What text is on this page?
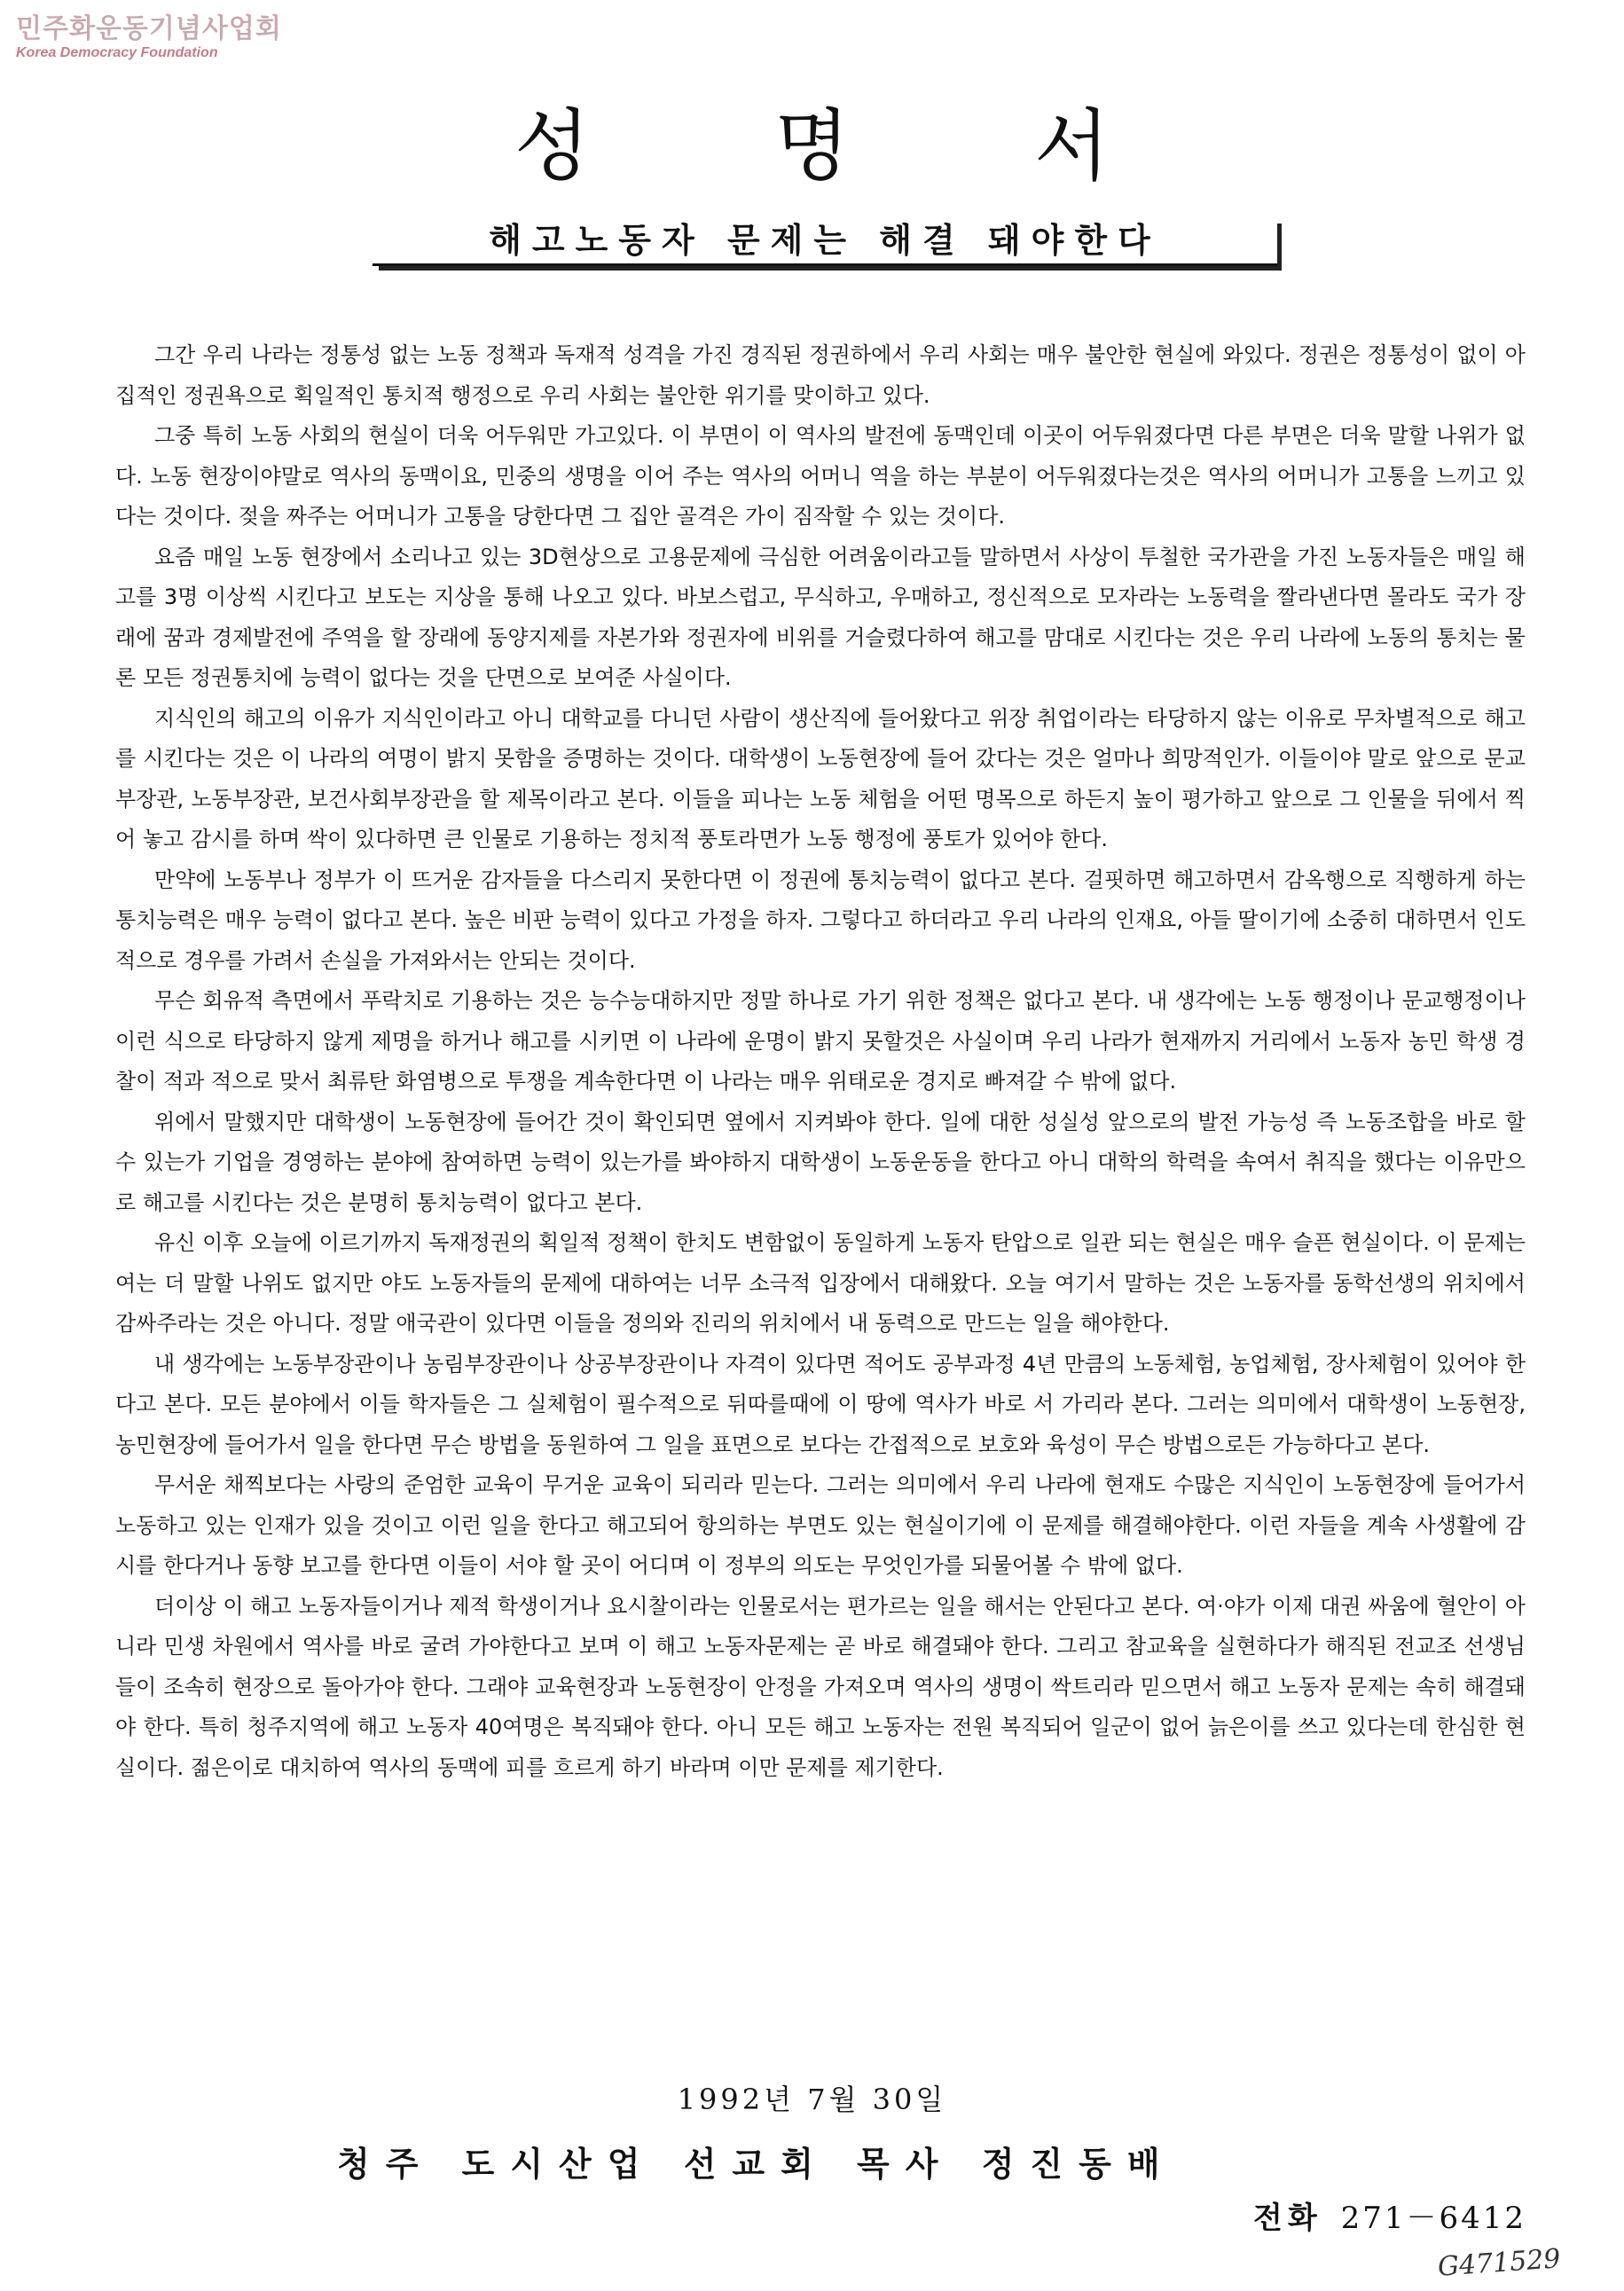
민주화운동기념사업회
Korea Democracy Foundation
성 명 서
해고노동자 문제는 해결 돼야한다

그간 우리 나라는 정통성 없는 노동 정책과 독재적 성격을 가진 경직된 정권하에서 우리 사회는 매우 불안한 현실에 와있다. 정권은 정통성이 없이 아집적인 정권욕으로 획일적인 통치적 행정으로 우리 사회는 불안한 위기를 맞이하고 있다.

그중 특히 노동 사회의 현실이 더욱 어두워만 가고있다. 이 부면이 이 역사의 발전에 동맥인데 이곳이 어두워졌다면 다른 부면은 더욱 말할 나위가 없다. 노동 현장이야말로 역사의 동맥이요, 민중의 생명을 이어 주는 역사의 어머니 역을 하는 부분이 어두워졌다는것은 역사의 어머니가 고통을 느끼고 있다는 것이다. 젖을 짜주는 어머니가 고통을 당한다면 그 집안 골격은 가이 짐작할 수 있는 것이다.

요즘 매일 노동 현장에서 소리나고 있는 3D현상으로 고용문제에 극심한 어려움이라고들 말하면서 사상이 투철한 국가관을 가진 노동자들은 매일 해고를 3명 이상씩 시킨다고 보도는 지상을 통해 나오고 있다. 바보스럽고, 무식하고, 우매하고, 정신적으로 모자라는 노동력을 짤라낸다면 몰라도 국가 장래에 꿈과 경제발전에 주역을 할 장래에 동양지제를 자본가와 정권자에 비위를 거슬렸다하여 해고를 맘대로 시킨다는 것은 우리 나라에 노동의 통치는 물론 모든 정권통치에 능력이 없다는 것을 단면으로 보여준 사실이다.

지식인의 해고의 이유가 지식인이라고 아니 대학교를 다니던 사람이 생산직에 들어왔다고 위장 취업이라는 타당하지 않는 이유로 무차별적으로 해고를 시킨다는 것은 이 나라의 여명이 밝지 못함을 증명하는 것이다. 대학생이 노동현장에 들어 갔다는 것은 얼마나 희망적인가. 이들이야 말로 앞으로 문교부장관, 노동부장관, 보건사회부장관을 할 제목이라고 본다. 이들을 피나는 노동 체험을 어떤 명목으로 하든지 높이 평가하고 앞으로 그 인물을 뒤에서 찍어 놓고 감시를 하며 싹이 있다하면 큰 인물로 기용하는 정치적 풍토라면가 노동 행정에 풍토가 있어야 한다.

만약에 노동부나 정부가 이 뜨거운 감자들을 다스리지 못한다면 이 정권에 통치능력이 없다고 본다. 걸핏하면 해고하면서 감옥행으로 직행하게 하는 통치능력은 매우 능력이 없다고 본다. 높은 비판 능력이 있다고 가정을 하자. 그렇다고 하더라고 우리 나라의 인재요, 아들 딸이기에 소중히 대하면서 인도적으로 경우를 가려서 손실을 가져와서는 안되는 것이다.

무슨 회유적 측면에서 푸락치로 기용하는 것은 능수능대하지만 정말 하나로 가기 위한 정책은 없다고 본다. 내 생각에는 노동 행정이나 문교행정이나 이런 식으로 타당하지 않게 제명을 하거나 해고를 시키면 이 나라에 운명이 밝지 못할것은 사실이며 우리 나라가 현재까지 거리에서 노동자 농민 학생 경찰이 적과 적으로 맞서 최류탄 화염병으로 투쟁을 계속한다면 이 나라는 매우 위태로운 경지로 빠져갈 수 밖에 없다.

위에서 말했지만 대학생이 노동현장에 들어간 것이 확인되면 옆에서 지켜봐야 한다. 일에 대한 성실성 앞으로의 발전 가능성 즉 노동조합을 바로 할 수 있는가 기업을 경영하는 분야에 참여하면 능력이 있는가를 봐야하지 대학생이 노동운동을 한다고 아니 대학의 학력을 속여서 취직을 했다는 이유만으로 해고를 시킨다는 것은 분명히 통치능력이 없다고 본다.

유신 이후 오늘에 이르기까지 독재정권의 획일적 정책이 한치도 변함없이 동일하게 노동자 탄압으로 일관 되는 현실은 매우 슬픈 현실이다. 이 문제는 여는 더 말할 나위도 없지만 야도 노동자들의 문제에 대하여는 너무 소극적 입장에서 대해왔다. 오늘 여기서 말하는 것은 노동자를 동학선생의 위치에서 감싸주라는 것은 아니다. 정말 애국관이 있다면 이들을 정의와 진리의 위치에서 내 동력으로 만드는 일을 해야한다.

내 생각에는 노동부장관이나 농림부장관이나 상공부장관이나 자격이 있다면 적어도 공부과정 4년 만큼의 노동체험, 농업체험, 장사체험이 있어야 한다고 본다. 모든 분야에서 이들 학자들은 그 실체험이 필수적으로 뒤따를때에 이 땅에 역사가 바로 서 가리라 본다. 그러는 의미에서 대학생이 노동현장, 농민현장에 들어가서 일을 한다면 무슨 방법을 동원하여 그 일을 표면으로 보다는 간접적으로 보호와 육성이 무슨 방법으로든 가능하다고 본다.

무서운 채찍보다는 사랑의 준엄한 교육이 무거운 교육이 되리라 믿는다. 그러는 의미에서 우리 나라에 현재도 수많은 지식인이 노동현장에 들어가서 노동하고 있는 인재가 있을 것이고 이런 일을 한다고 해고되어 항의하는 부면도 있는 현실이기에 이 문제를 해결해야한다. 이런 자들을 계속 사생활에 감시를 한다거나 동향 보고를 한다면 이들이 서야 할 곳이 어디며 이 정부의 의도는 무엇인가를 되물어볼 수 밖에 없다.

더이상 이 해고 노동자들이거나 제적 학생이거나 요시찰이라는 인물로서는 편가르는 일을 해서는 안된다고 본다. 여·야가 이제 대권 싸움에 혈안이 아니라 민생 차원에서 역사를 바로 굴려 가야한다고 보며 이 해고 노동자문제는 곧 바로 해결돼야 한다. 그리고 참교육을 실현하다가 해직된 전교조 선생님들이 조속히 현장으로 돌아가야 한다. 그래야 교육현장과 노동현장이 안정을 가져오며 역사의 생명이 싹트리라 믿으면서 해고 노동자 문제는 속히 해결돼야 한다. 특히 청주지역에 해고 노동자 40여명은 복직돼야 한다. 아니 모든 해고 노동자는 전원 복직되어 일군이 없어 늙은이를 쓰고 있다는데 한심한 현실이다. 젊은이로 대치하여 역사의 동맥에 피를 흐르게 하기 바라며 이만 문제를 제기한다.

1992년 7월 30일
청주 도시산업 선교회 목사 정진동배
전화 271－6412
G471529
